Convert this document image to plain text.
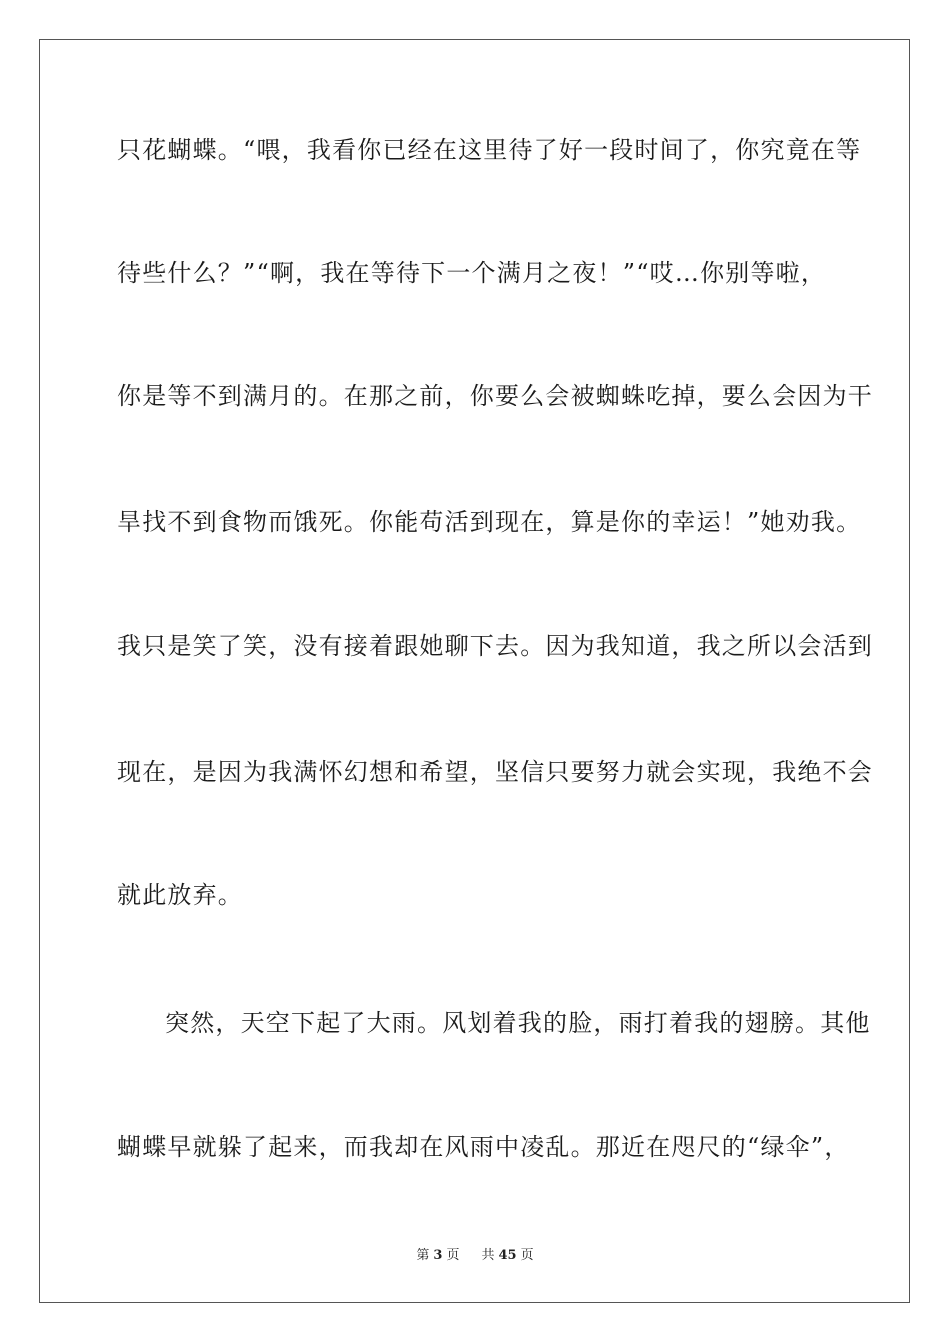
只花蝴蝶。“喂，我看你已经在这里待了好一段时间了，你究竟在等
待些什么？”“啊，我在等待下一个满月之夜！”“哎…你别等啦，
你是等不到满月的。在那之前，你要么会被蜘蛛吃掉，要么会因为干
旱找不到食物而饿死。你能苟活到现在，算是你的幸运！”她劝我。
我只是笑了笑，没有接着跟她聊下去。因为我知道，我之所以会活到
现在，是因为我满怀幻想和希望，坚信只要努力就会实现，我绝不会
就此放弃。
突然，天空下起了大雨。风划着我的脸，雨打着我的翅膀。其他
蝴蝶早就躲了起来，而我却在风雨中凌乱。那近在咫尺的“绿伞”，
第 3 页 共 45 页
